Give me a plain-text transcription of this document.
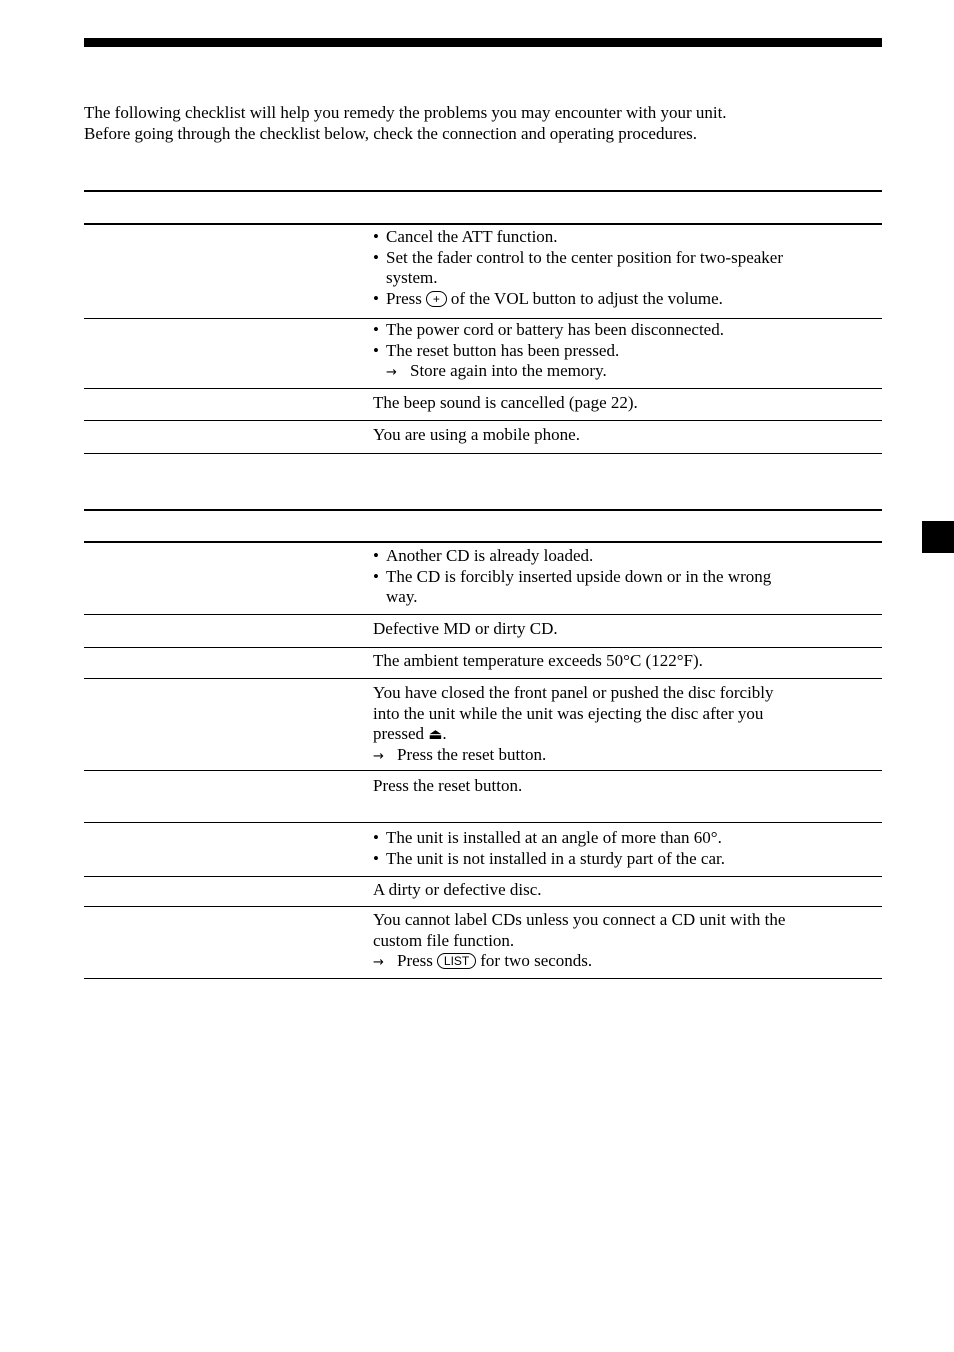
The following checklist will help you remedy the problems you may encounter with your unit.

Before going through the checklist below, check the connection and operating procedures.

• Cancel the ATT function.
• Set the fader control to the center position for two-speaker
system.
• Press + of the VOL button to adjust the volume.
• The power cord or battery has been disconnected.
• The reset button has been pressed.
→ Store again into the memory.
The beep sound is cancelled (page 22).
You are using a mobile phone.
• Another CD is already loaded.
• The CD is forcibly inserted upside down or in the wrong
way.
Defective MD or dirty CD.
The ambient temperature exceeds 50°C (122°F).
You have closed the front panel or pushed the disc forcibly
into the unit while the unit was ejecting the disc after you
pressed ⏏.
→ Press the reset button.
Press the reset button.
• The unit is installed at an angle of more than 60°.
• The unit is not installed in a sturdy part of the car.
A dirty or defective disc.
You cannot label CDs unless you connect a CD unit with the
custom file function.
→ Press LIST for two seconds.
